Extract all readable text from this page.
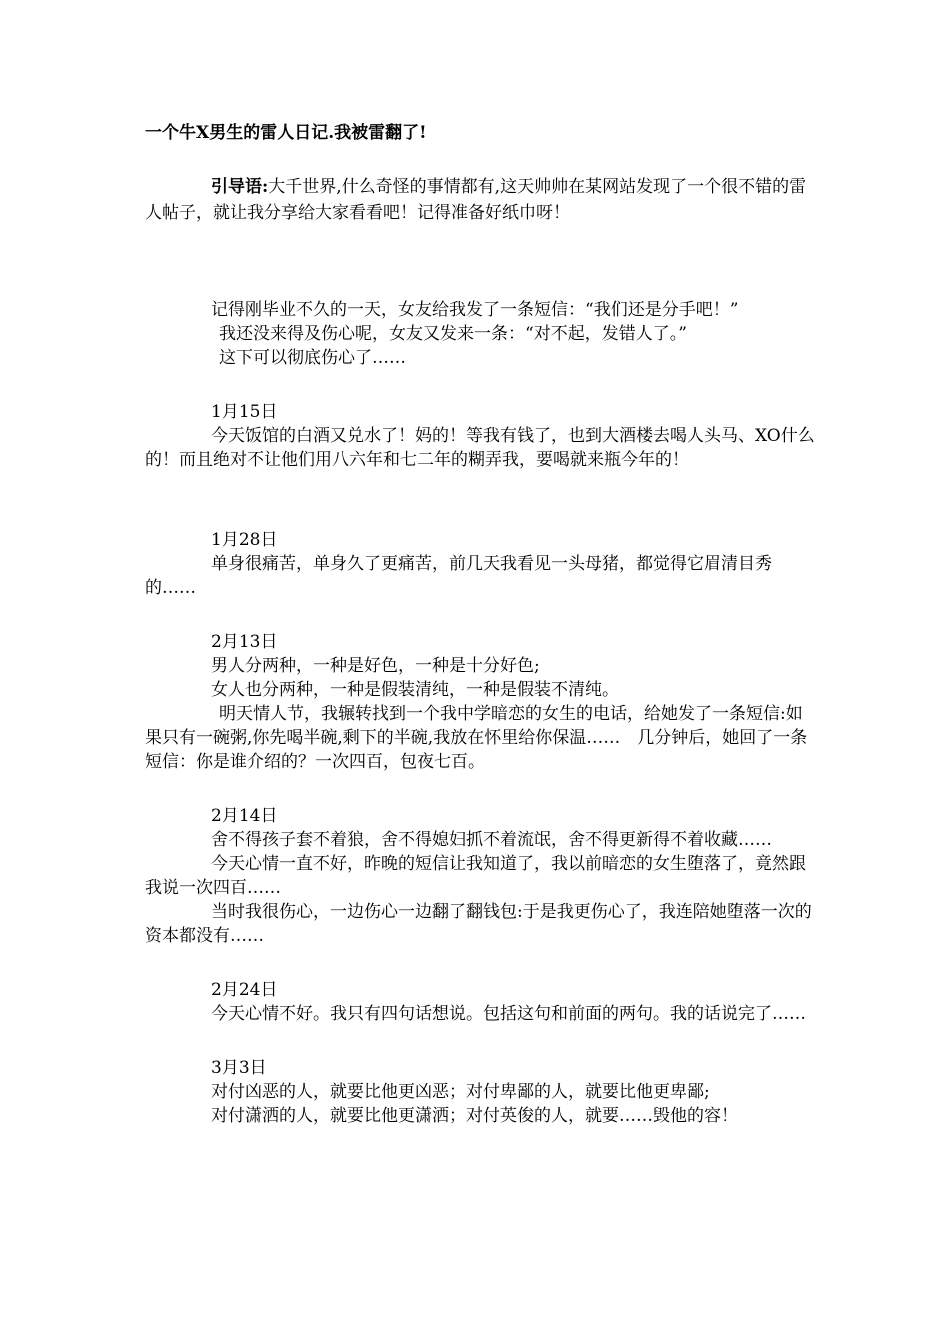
一个牛X男生的雷人日记.我被雷翻了!
引导语:大千世界,什么奇怪的事情都有,这天帅帅在某网站发现了一个很不错的雷人帖子，就让我分享给大家看看吧！记得准备好纸巾呀！

记得刚毕业不久的一天，女友给我发了一条短信：“我们还是分手吧！”

我还没来得及伤心呢，女友又发来一条：“对不起，发错人了。”

这下可以彻底伤心了……

1月15日

今天饭馆的白酒又兑水了！妈的！等我有钱了，也到大酒楼去喝人头马、XO什么的！而且绝对不让他们用八六年和七二年的糊弄我，要喝就来瓶今年的！

1月28日

单身很痛苦，单身久了更痛苦，前几天我看见一头母猪，都觉得它眉清目秀的……

2月13日

男人分两种，一种是好色，一种是十分好色;

女人也分两种，一种是假装清纯，一种是假装不清纯。

明天情人节，我辗转找到一个我中学暗恋的女生的电话，给她发了一条短信:如果只有一碗粥,你先喝半碗,剩下的半碗,我放在怀里给你保温……　几分钟后，她回了一条短信：你是谁介绍的？一次四百，包夜七百。

2月14日

舍不得孩子套不着狼，舍不得媳妇抓不着流氓，舍不得更新得不着收藏……

今天心情一直不好，昨晚的短信让我知道了，我以前暗恋的女生堕落了，竟然跟我说一次四百……

当时我很伤心，一边伤心一边翻了翻钱包:于是我更伤心了，我连陪她堕落一次的资本都没有……

2月24日

今天心情不好。我只有四句话想说。包括这句和前面的两句。我的话说完了……

3月3日

对付凶恶的人，就要比他更凶恶；对付卑鄙的人，就要比他更卑鄙;

对付潇洒的人，就要比他更潇洒；对付英俊的人，就要……毁他的容！
